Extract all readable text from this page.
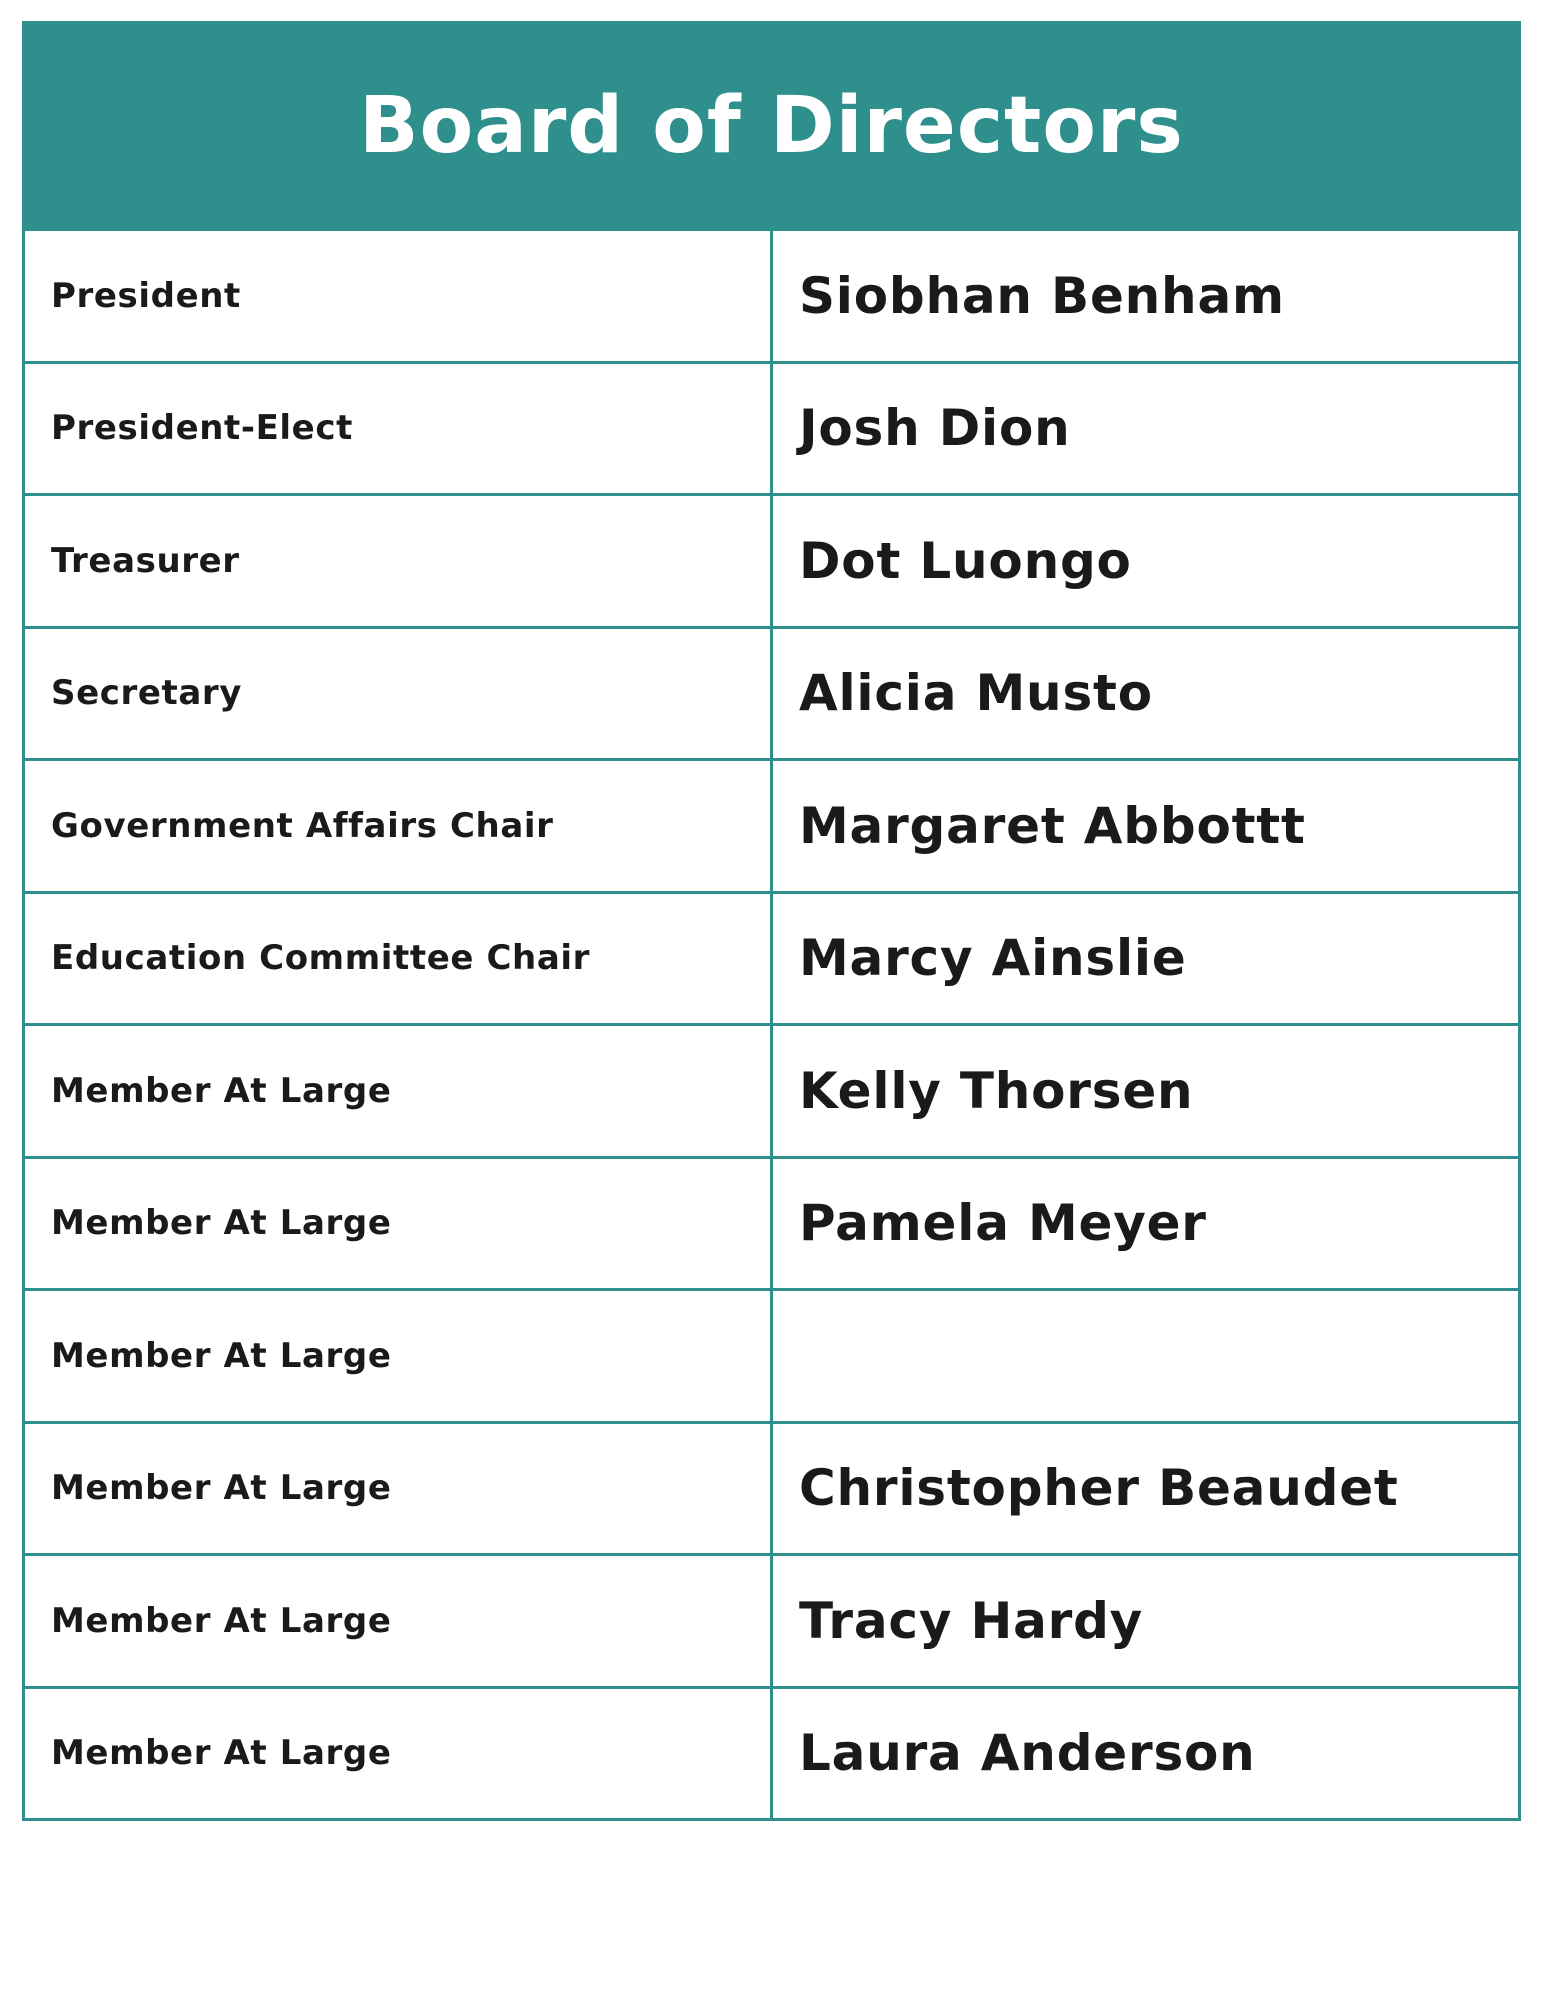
Board of Directors
President	Siobhan Benham
President-Elect	Josh Dion
Treasurer	Dot Luongo
Secretary	Alicia Musto
Government Affairs Chair	Margaret Abbottt
Education Committee Chair	Marcy Ainslie
Member At Large	Kelly Thorsen
Member At Large	Pamela Meyer
Member At Large
Member At Large	Christopher Beaudet
Member At Large	Tracy Hardy
Member At Large	Laura Anderson
